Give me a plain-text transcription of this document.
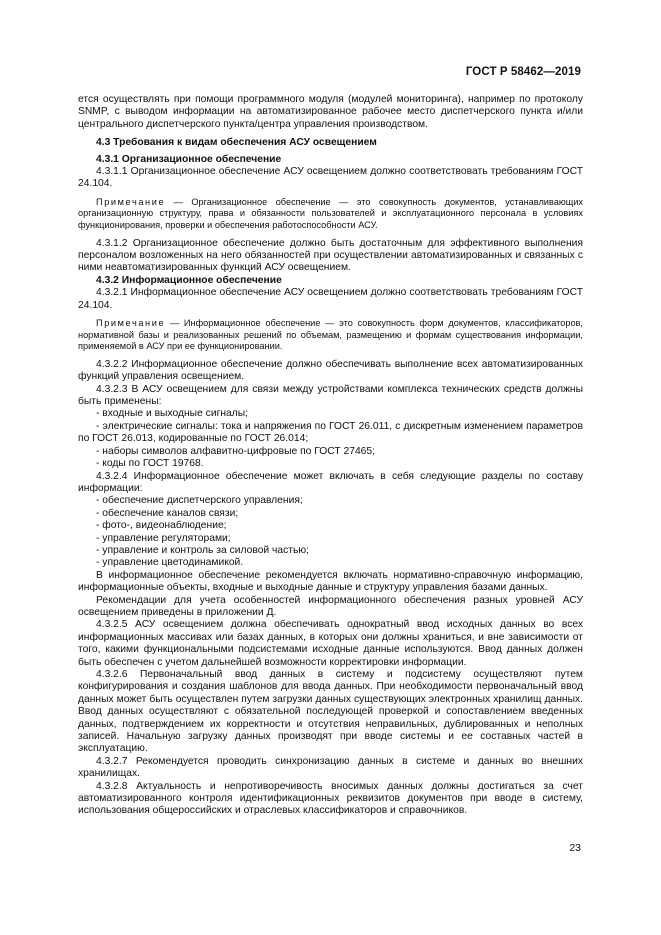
ГОСТ Р 58462—2019

ется осуществлять при помощи программного модуля (модулей мониторинга), например по протоколу SNMP, с выводом информации на автоматизированное рабочее место диспетчерского пункта и/или центрального диспетчерского пункта/центра управления производством.

4.3 Требования к видам обеспечения АСУ освещением

4.3.1 Организационное обеспечение

4.3.1.1 Организационное обеспечение АСУ освещением должно соответствовать требованиям ГОСТ 24.104.

Примечание — Организационное обеспечение — это совокупность документов, устанавливающих организационную структуру, права и обязанности пользователей и эксплуатационного персонала в условиях функционирования, проверки и обеспечения работоспособности АСУ.

4.3.1.2 Организационное обеспечение должно быть достаточным для эффективного выполнения персоналом возложенных на него обязанностей при осуществлении автоматизированных и связанных с ними неавтоматизированных функций АСУ освещением.

4.3.2 Информационное обеспечение

4.3.2.1 Информационное обеспечение АСУ освещением должно соответствовать требованиям ГОСТ 24.104.

Примечание — Информационное обеспечение — это совокупность форм документов, классификаторов, нормативной базы и реализованных решений по объемам, размещению и формам существования информации, применяемой в АСУ при ее функционировании.

4.3.2.2 Информационное обеспечение должно обеспечивать выполнение всех автоматизированных функций управления освещением.

4.3.2.3 В АСУ освещением для связи между устройствами комплекса технических средств должны быть применены:

- входные и выходные сигналы;

- электрические сигналы: тока и напряжения по ГОСТ 26.011, с дискретным изменением параметров по ГОСТ 26.013, кодированные по ГОСТ 26.014;

- наборы символов алфавитно-цифровые по ГОСТ 27465;

- коды по ГОСТ 19768.

4.3.2.4 Информационное обеспечение может включать в себя следующие разделы по составу информации:

- обеспечение диспетчерского управления;

- обеспечение каналов связи;

- фото-, видеонаблюдение;

- управление регуляторами;

- управление и контроль за силовой частью;

- управление цветодинамикой.

В информационное обеспечение рекомендуется включать нормативно-справочную информацию, информационные объекты, входные и выходные данные и структуру управления базами данных.

Рекомендации для учета особенностей информационного обеспечения разных уровней АСУ освещением приведены в приложении Д.

4.3.2.5 АСУ освещением должна обеспечивать однократный ввод исходных данных во всех информационных массивах или базах данных, в которых они должны храниться, и вне зависимости от того, какими функциональными подсистемами исходные данные используются. Ввод данных должен быть обеспечен с учетом дальнейшей возможности корректировки информации.

4.3.2.6 Первоначальный ввод данных в систему и подсистему осуществляют путем конфигурирования и создания шаблонов для ввода данных. При необходимости первоначальный ввод данных может быть осуществлен путем загрузки данных существующих электронных хранилищ данных. Ввод данных осуществляют с обязательной последующей проверкой и сопоставлением введенных данных, подтверждением их корректности и отсутствия неправильных, дублированных и неполных записей. Начальную загрузку данных производят при вводе системы и ее составных частей в эксплуатацию.

4.3.2.7 Рекомендуется проводить синхронизацию данных в системе и данных во внешних хранилищах.

4.3.2.8 Актуальность и непротиворечивость вносимых данных должны достигаться за счет автоматизированного контроля идентификационных реквизитов документов при вводе в систему, использования общероссийских и отраслевых классификаторов и справочников.

23
